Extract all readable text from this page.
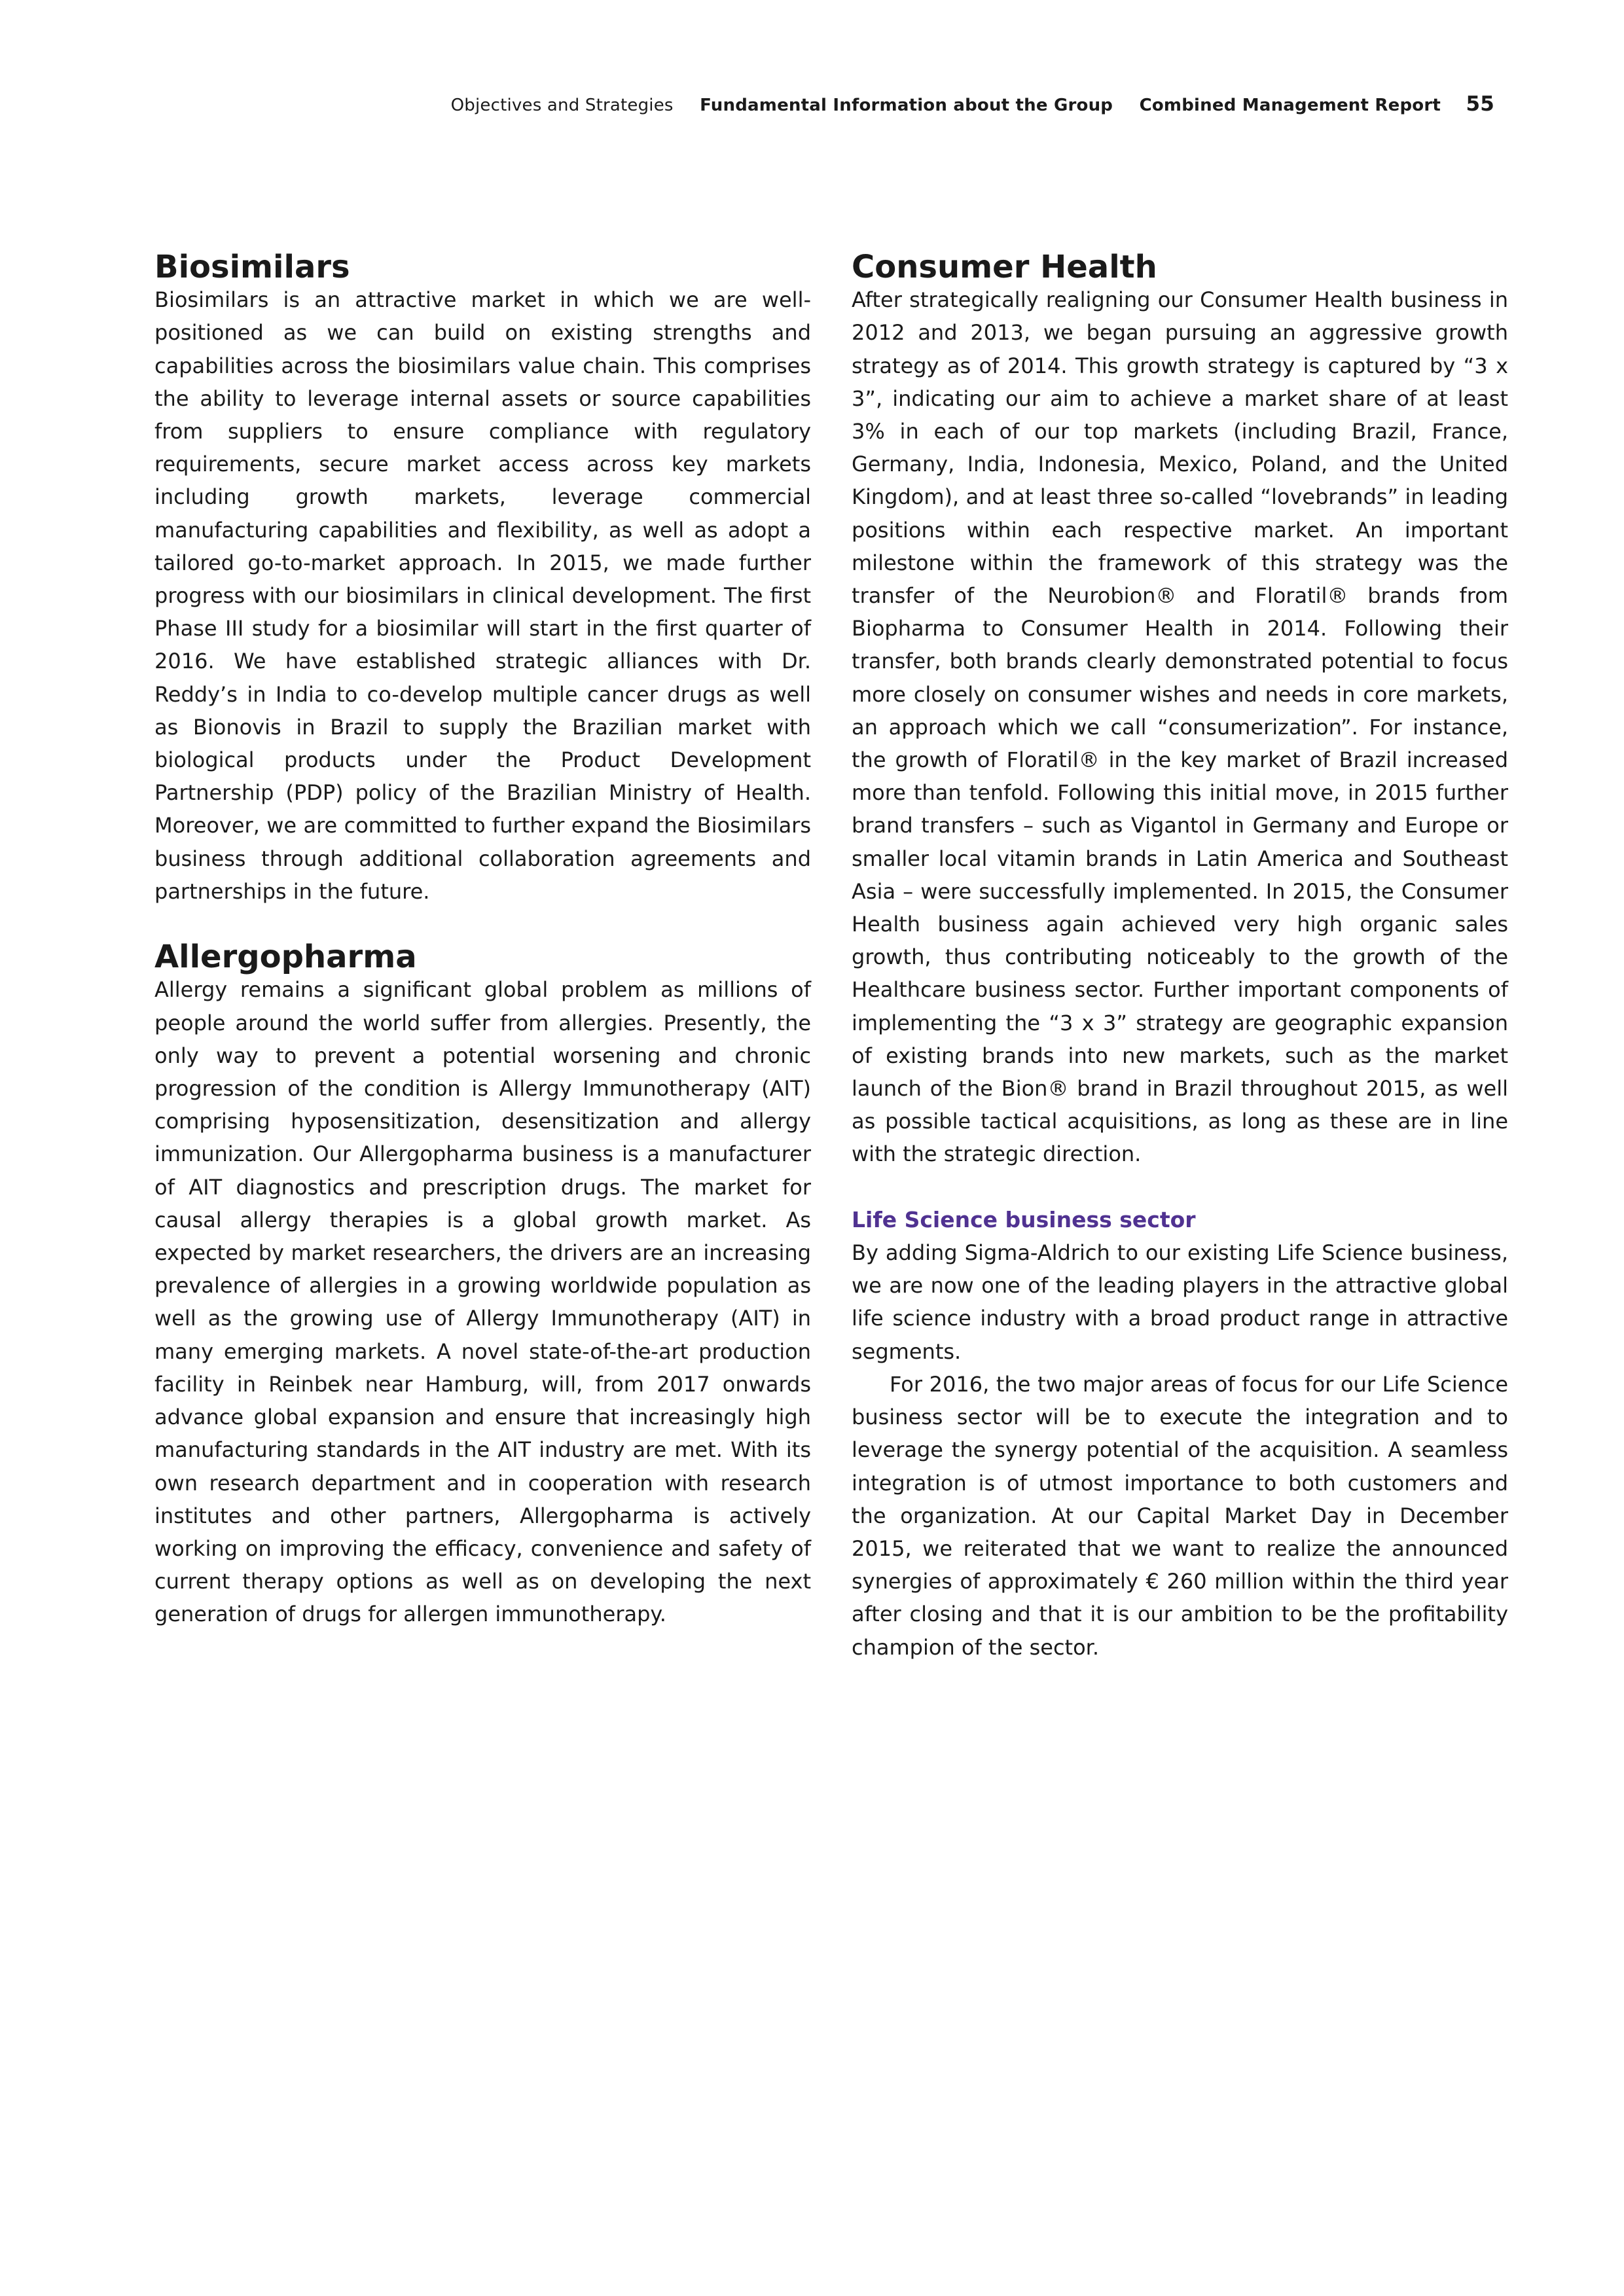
Objectives and Strategies Fundamental Information about the Group Combined Management Report 55
Biosimilars

Biosimilars is an attractive market in which we are well-positioned as we can build on existing strengths and capabilities across the biosimilars value chain. This comprises the ability to leverage internal assets or source capabilities from suppliers to ensure compliance with regulatory requirements, secure market access across key markets including growth markets, leverage commercial manufacturing capabilities and flexibility, as well as adopt a tailored go-to-market approach. In 2015, we made further progress with our biosimilars in clinical development. The first Phase III study for a biosimilar will start in the first quarter of 2016. We have established strategic alliances with Dr. Reddy’s in India to co-develop multiple cancer drugs as well as Bionovis in Brazil to supply the Brazilian market with biological products under the Product Development Partnership (PDP) policy of the Brazilian Ministry of Health. Moreover, we are committed to further expand the Biosimilars business through additional collaboration agreements and partnerships in the future.

Allergopharma

Allergy remains a significant global problem as millions of people around the world suffer from allergies. Presently, the only way to prevent a potential worsening and chronic progression of the condition is Allergy Immunotherapy (AIT) comprising hyposensitization, desensitization and allergy immunization. Our Allergopharma business is a manufacturer of AIT diagnostics and prescription drugs. The market for causal allergy therapies is a global growth market. As expected by market researchers, the drivers are an increasing prevalence of allergies in a growing worldwide population as well as the growing use of Allergy Immunotherapy (AIT) in many emerging markets. A novel state-of-the-art production facility in Reinbek near Hamburg, will, from 2017 onwards advance global expansion and ensure that increasingly high manufacturing standards in the AIT industry are met. With its own research department and in cooperation with research institutes and other partners, Allergopharma is actively working on improving the efficacy, convenience and safety of current therapy options as well as on developing the next generation of drugs for allergen immunotherapy.

Consumer Health

After strategically realigning our Consumer Health business in 2012 and 2013, we began pursuing an aggressive growth strategy as of 2014. This growth strategy is captured by “3 x 3”, indicating our aim to achieve a market share of at least 3% in each of our top markets (including Brazil, France, Germany, India, Indonesia, Mexico, Poland, and the United Kingdom), and at least three so-called “lovebrands” in leading positions within each respective market. An important milestone within the framework of this strategy was the transfer of the Neurobion® and Floratil® brands from Biopharma to Consumer Health in 2014. Following their transfer, both brands clearly demonstrated potential to focus more closely on consumer wishes and needs in core markets, an approach which we call “consumerization”. For instance, the growth of Floratil® in the key market of Brazil increased more than tenfold. Following this initial move, in 2015 further brand transfers – such as Vigantol in Germany and Europe or smaller local vitamin brands in Latin America and Southeast Asia – were successfully implemented. In 2015, the Consumer Health business again achieved very high organic sales growth, thus contributing noticeably to the growth of the Healthcare business sector. Further important components of implementing the “3 x 3” strategy are geographic expansion of existing brands into new markets, such as the market launch of the Bion® brand in Brazil throughout 2015, as well as possible tactical acquisitions, as long as these are in line with the strategic direction.

Life Science business sector

By adding Sigma-Aldrich to our existing Life Science business, we are now one of the leading players in the attractive global life science industry with a broad product range in attractive segments.

For 2016, the two major areas of focus for our Life Science business sector will be to execute the integration and to leverage the synergy potential of the acquisition. A seamless integration is of utmost importance to both customers and the organization. At our Capital Market Day in December 2015, we reiterated that we want to realize the announced synergies of approximately € 260 million within the third year after closing and that it is our ambition to be the profitability champion of the sector.
